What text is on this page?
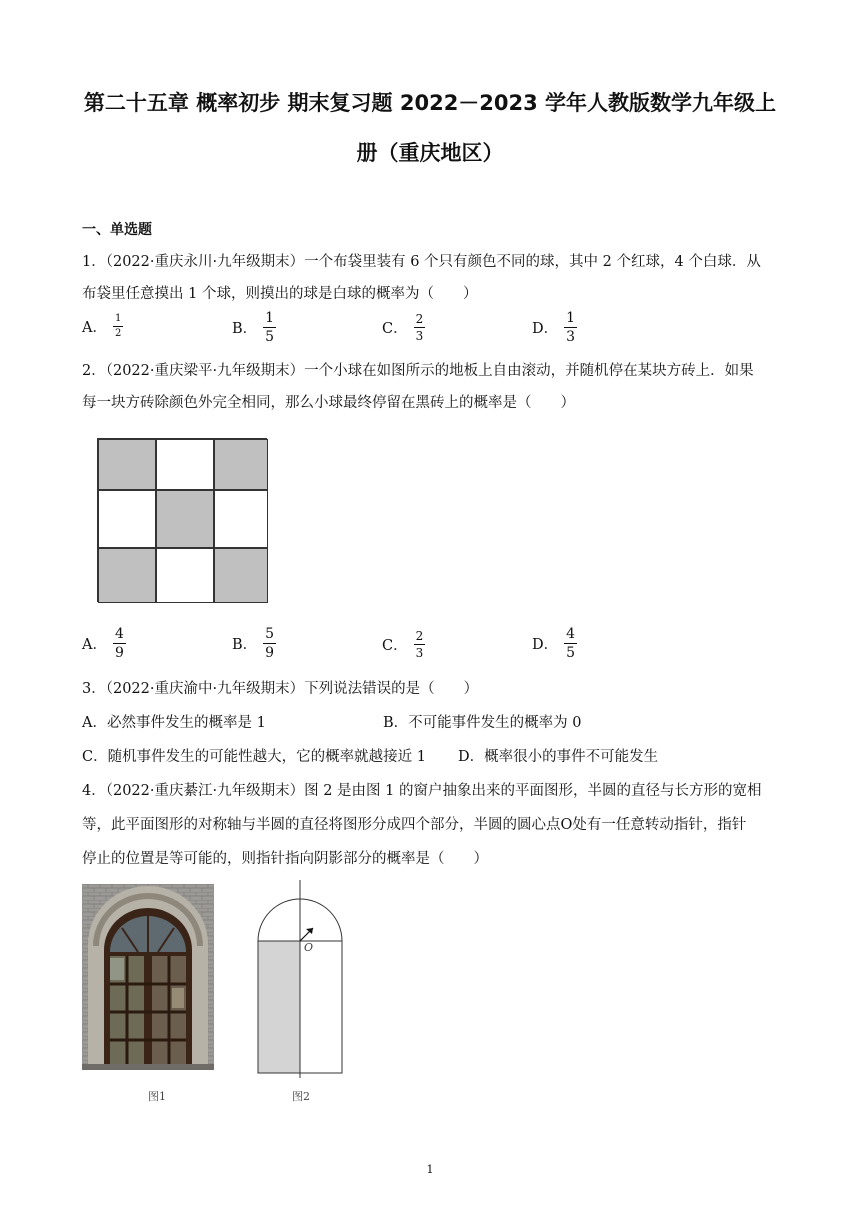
第二十五章 概率初步 期末复习题 2022－2023 学年人教版数学九年级上
册（重庆地区）
一、单选题
1．（2022·重庆永川·九年级期末）一个布袋里装有 6 个只有颜色不同的球，其中 2 个红球，4 个白球．从
布袋里任意摸出 1 个球，则摸出的球是白球的概率为（　　）
A． $\frac{1}{2}$	B． $\frac{1}{5}$	C． $\frac{2}{3}$	D． $\frac{1}{3}$
2．（2022·重庆梁平·九年级期末）一个小球在如图所示的地板上自由滚动，并随机停在某块方砖上．如果
每一块方砖除颜色外完全相同，那么小球最终停留在黑砖上的概率是（　　）
A． $\frac{4}{9}$	B． $\frac{5}{9}$	C． $\frac{2}{3}$	D． $\frac{4}{5}$
3．（2022·重庆渝中·九年级期末）下列说法错误的是（　　）
A．必然事件发生的概率是 1	B．不可能事件发生的概率为 0
C．随机事件发生的可能性越大，它的概率就越接近 1 D．概率很小的事件不可能发生
4．（2022·重庆綦江·九年级期末）图 2 是由图 1 的窗户抽象出来的平面图形，半圆的直径与长方形的宽相
等，此平面图形的对称轴与半圆的直径将图形分成四个部分，半圆的圆心点O处有一任意转动指针，指针
停止的位置是等可能的，则指针指向阴影部分的概率是（　　）
图1
O
图2
1
